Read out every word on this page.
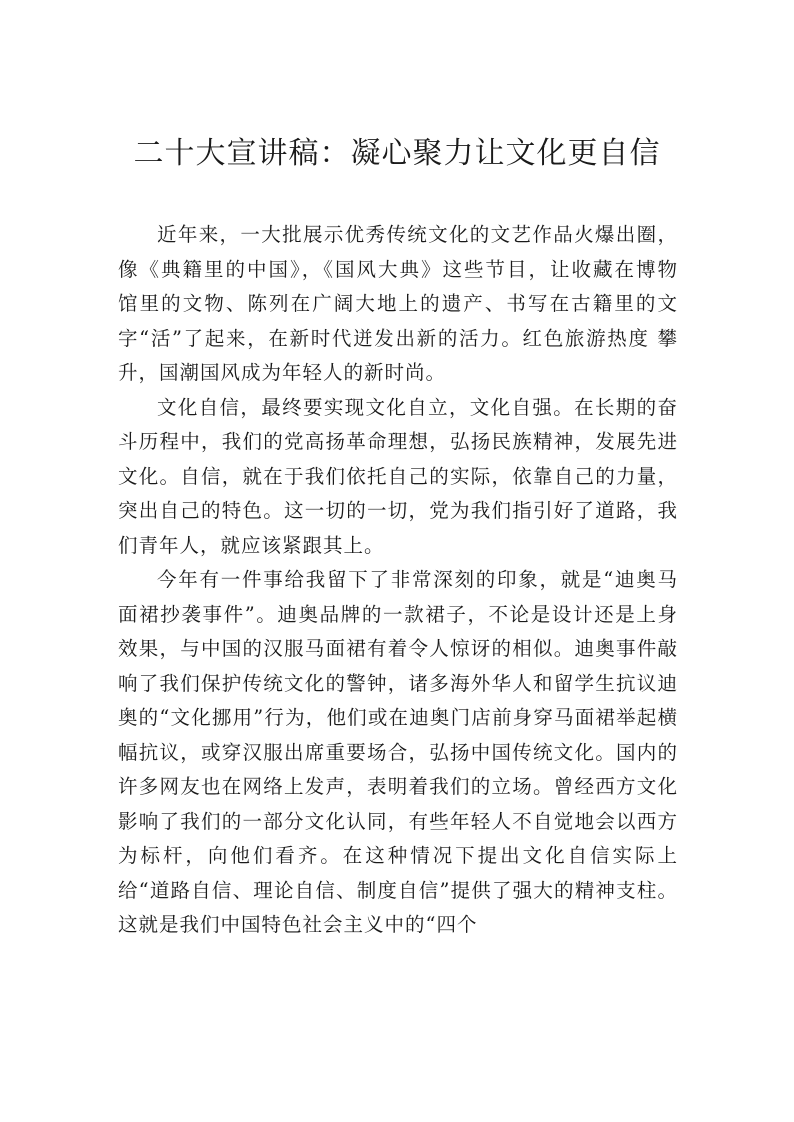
二十大宣讲稿：凝心聚力让文化更自信

近年来，一大批展示优秀传统文化的文艺作品火爆出圈，像《典籍里的中国》，《国风大典》这些节目，让收藏在博物 馆里的文物、陈列在广阔大地上的遗产、书写在古籍里的文 字“活”了起来，在新时代迸发出新的活力。红色旅游热度 攀升，国潮国风成为年轻人的新时尚。

文化自信，最终要实现文化自立，文化自强。在长期的奋斗历程中，我们的党高扬革命理想，弘扬民族精神，发展先进文化。自信，就在于我们依托自己的实际，依靠自己的力量，突出自己的特色。这一切的一切，党为我们指引好了道路，我们青年人，就应该紧跟其上。

今年有一件事给我留下了非常深刻的印象，就是“迪奥马面裙抄袭事件”。迪奥品牌的一款裙子，不论是设计还是上身效果，与中国的汉服马面裙有着令人惊讶的相似。迪奥事件敲响了我们保护传统文化的警钟，诸多海外华人和留学生抗议迪奥的“文化挪用”行为，他们或在迪奥门店前身穿马面裙举起横幅抗议，或穿汉服出席重要场合，弘扬中国传统文化。国内的许多网友也在网络上发声，表明着我们的立场。曾经西方文化影响了我们的一部分文化认同，有些年轻人不自觉地会以西方为标杆，向他们看齐。在这种情况下提出文化自信实际上给“道路自信、理论自信、制度自信”提供了强大的精神支柱。这就是我们中国特色社会主义中的“四个
